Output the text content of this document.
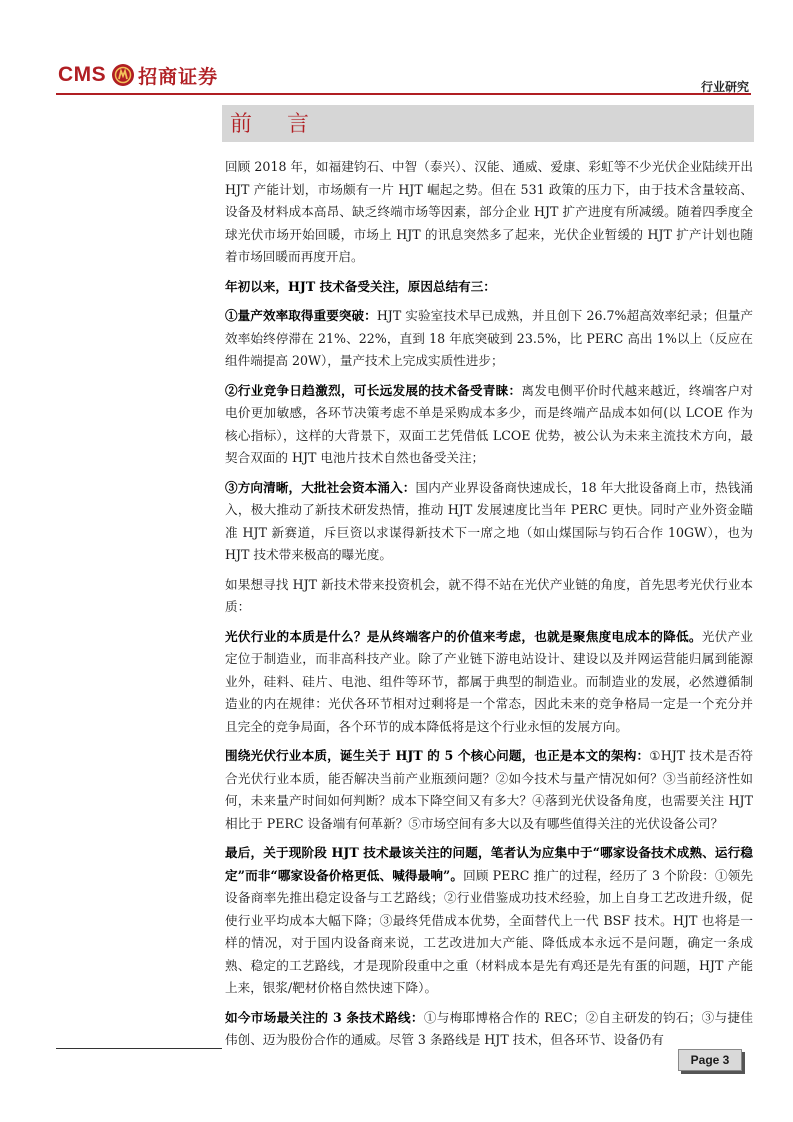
CMS 招商证券	行业研究
前 言

回顾 2018 年，如福建钧石、中智（泰兴）、汉能、通威、爱康、彩虹等不少光伏企业陆续开出 HJT 产能计划，市场颇有一片 HJT 崛起之势。但在 531 政策的压力下，由于技术含量较高、设备及材料成本高昂、缺乏终端市场等因素，部分企业 HJT 扩产进度有所减缓。随着四季度全球光伏市场开始回暖，市场上 HJT 的讯息突然多了起来，光伏企业暂缓的 HJT 扩产计划也随着市场回暖而再度开启。

年初以来，HJT 技术备受关注，原因总结有三：

①量产效率取得重要突破：HJT 实验室技术早已成熟，并且创下 26.7%超高效率纪录；但量产效率始终停滞在 21%、22%，直到 18 年底突破到 23.5%，比 PERC 高出 1%以上（反应在组件端提高 20W），量产技术上完成实质性进步；

②行业竞争日趋激烈，可长远发展的技术备受青睐：离发电侧平价时代越来越近，终端客户对电价更加敏感，各环节决策考虑不单是采购成本多少，而是终端产品成本如何(以 LCOE 作为核心指标），这样的大背景下，双面工艺凭借低 LCOE 优势，被公认为未来主流技术方向，最契合双面的 HJT 电池片技术自然也备受关注；

③方向清晰，大批社会资本涌入：国内产业界设备商快速成长，18 年大批设备商上市，热钱涌入，极大推动了新技术研发热情，推动 HJT 发展速度比当年 PERC 更快。同时产业外资金瞄准 HJT 新赛道，斥巨资以求谋得新技术下一席之地（如山煤国际与钧石合作 10GW），也为 HJT 技术带来极高的曝光度。

如果想寻找 HJT 新技术带来投资机会，就不得不站在光伏产业链的角度，首先思考光伏行业本质：

光伏行业的本质是什么？是从终端客户的价值来考虑，也就是聚焦度电成本的降低。光伏产业定位于制造业，而非高科技产业。除了产业链下游电站设计、建设以及并网运营能归属到能源业外，硅料、硅片、电池、组件等环节，都属于典型的制造业。而制造业的发展，必然遵循制造业的内在规律：光伏各环节相对过剩将是一个常态，因此未来的竞争格局一定是一个充分并且完全的竞争局面，各个环节的成本降低将是这个行业永恒的发展方向。

围绕光伏行业本质，诞生关于 HJT 的 5 个核心问题，也正是本文的架构：①HJT 技术是否符合光伏行业本质，能否解决当前产业瓶颈问题？②如今技术与量产情况如何？③当前经济性如何，未来量产时间如何判断？成本下降空间又有多大？④落到光伏设备角度，也需要关注 HJT 相比于 PERC 设备端有何革新？⑤市场空间有多大以及有哪些值得关注的光伏设备公司？

最后，关于现阶段 HJT 技术最该关注的问题，笔者认为应集中于“哪家设备技术成熟、运行稳定”而非“哪家设备价格更低、喊得最响”。回顾 PERC 推广的过程，经历了 3 个阶段：①领先设备商率先推出稳定设备与工艺路线；②行业借鉴成功技术经验，加上自身工艺改进升级，促使行业平均成本大幅下降；③最终凭借成本优势，全面替代上一代 BSF 技术。HJT 也将是一样的情况，对于国内设备商来说，工艺改进加大产能、降低成本永远不是问题，确定一条成熟、稳定的工艺路线，才是现阶段重中之重（材料成本是先有鸡还是先有蛋的问题，HJT 产能上来，银浆/靶材价格自然快速下降）。

如今市场最关注的 3 条技术路线：①与梅耶博格合作的 REC；②自主研发的钧石；③与捷佳伟创、迈为股份合作的通威。尽管 3 条路线是 HJT 技术，但各环节、设备仍有

Page 3
